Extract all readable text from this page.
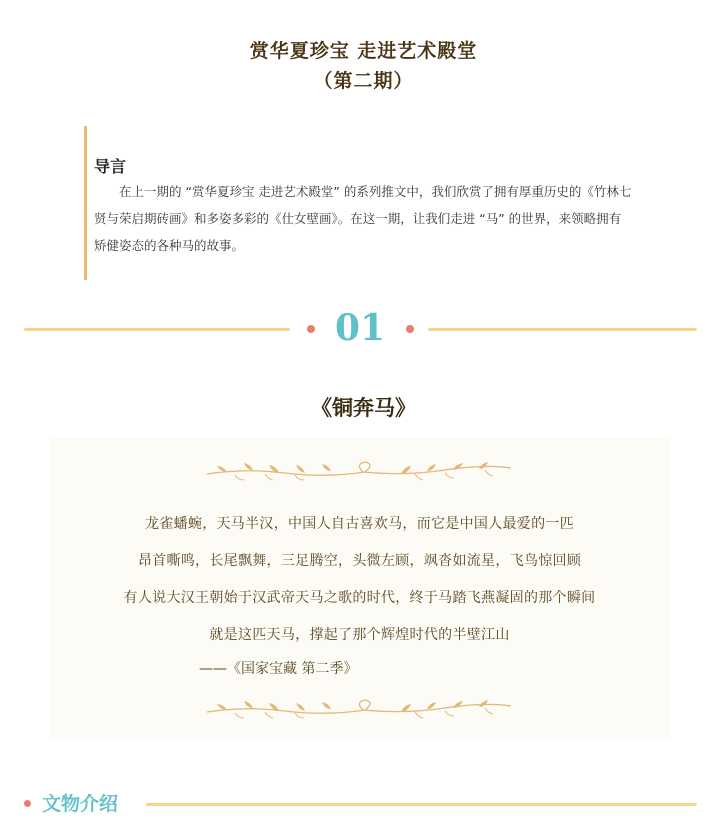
赏华夏珍宝 走进艺术殿堂
（第二期）
导言

在上一期的 “赏华夏珍宝 走进艺术殿堂” 的系列推文中，我们欣赏了拥有厚重历史的《竹林七贤与荣启期砖画》和多姿多彩的《仕女壁画》。在这一期，让我们走进 “马” 的世界，来领略拥有矫健姿态的各种马的故事。

01
《铜奔马》
龙雀蟠蜿，天马半汉，中国人自古喜欢马，而它是中国人最爱的一匹
昂首嘶鸣，长尾飘舞，三足腾空，头微左顾，飒沓如流星，飞鸟惊回顾
有人说大汉王朝始于汉武帝天马之歌的时代，终于马踏飞燕凝固的那个瞬间
就是这匹天马，撑起了那个辉煌时代的半壁江山
——《国家宝藏 第二季》
文物介绍
